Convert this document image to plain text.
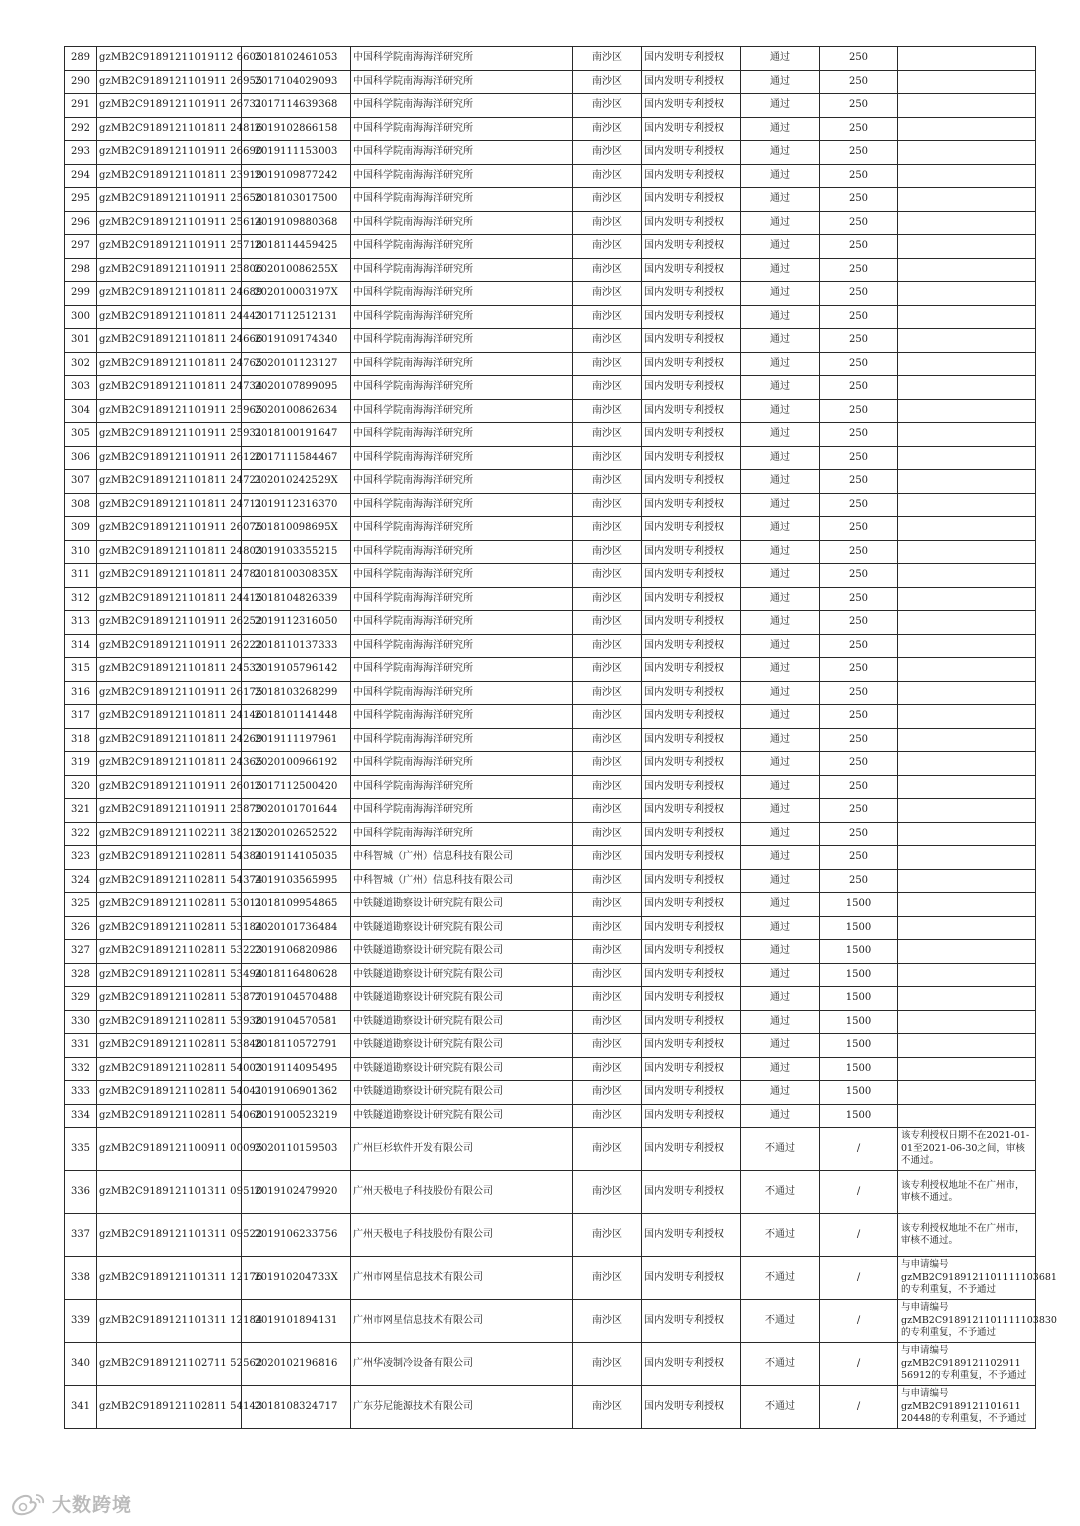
289	gzMB2C91891211019112 6605	2018102461053	中国科学院南海海洋研究所	南沙区	国内发明专利授权	通过	250	
290	gzMB2C9189121101911 26955	2017104029093	中国科学院南海海洋研究所	南沙区	国内发明专利授权	通过	250	
291	gzMB2C9189121101911 26731	2017114639368	中国科学院南海海洋研究所	南沙区	国内发明专利授权	通过	250	
292	gzMB2C9189121101811 24816	2019102866158	中国科学院南海海洋研究所	南沙区	国内发明专利授权	通过	250	
293	gzMB2C9189121101911 26690	2019111153003	中国科学院南海海洋研究所	南沙区	国内发明专利授权	通过	250	
294	gzMB2C9189121101811 23919	2019109877242	中国科学院南海海洋研究所	南沙区	国内发明专利授权	通过	250	
295	gzMB2C9189121101911 25658	2018103017500	中国科学院南海海洋研究所	南沙区	国内发明专利授权	通过	250	
296	gzMB2C9189121101911 25614	2019109880368	中国科学院南海海洋研究所	南沙区	国内发明专利授权	通过	250	
297	gzMB2C9189121101911 25718	2018114459425	中国科学院南海海洋研究所	南沙区	国内发明专利授权	通过	250	
298	gzMB2C9189121101911 25806	202010086255X	中国科学院南海海洋研究所	南沙区	国内发明专利授权	通过	250	
299	gzMB2C9189121101811 24689	202010003197X	中国科学院南海海洋研究所	南沙区	国内发明专利授权	通过	250	
300	gzMB2C9189121101811 24443	2017112512131	中国科学院南海海洋研究所	南沙区	国内发明专利授权	通过	250	
301	gzMB2C9189121101811 24666	2019109174340	中国科学院南海海洋研究所	南沙区	国内发明专利授权	通过	250	
302	gzMB2C9189121101811 24765	2020101123127	中国科学院南海海洋研究所	南沙区	国内发明专利授权	通过	250	
303	gzMB2C9189121101811 24734	2020107899095	中国科学院南海海洋研究所	南沙区	国内发明专利授权	通过	250	
304	gzMB2C9189121101911 25965	2020100862634	中国科学院南海海洋研究所	南沙区	国内发明专利授权	通过	250	
305	gzMB2C9189121101911 25931	2018100191647	中国科学院南海海洋研究所	南沙区	国内发明专利授权	通过	250	
306	gzMB2C9189121101911 26120	2017111584467	中国科学院南海海洋研究所	南沙区	国内发明专利授权	通过	250	
307	gzMB2C9189121101811 24721	202010242529X	中国科学院南海海洋研究所	南沙区	国内发明专利授权	通过	250	
308	gzMB2C9189121101811 24711	2019112316370	中国科学院南海海洋研究所	南沙区	国内发明专利授权	通过	250	
309	gzMB2C9189121101911 26075	201810098695X	中国科学院南海海洋研究所	南沙区	国内发明专利授权	通过	250	
310	gzMB2C9189121101811 24803	2019103355215	中国科学院南海海洋研究所	南沙区	国内发明专利授权	通过	250	
311	gzMB2C9189121101811 24781	201810030835X	中国科学院南海海洋研究所	南沙区	国内发明专利授权	通过	250	
312	gzMB2C9189121101811 24415	2018104826339	中国科学院南海海洋研究所	南沙区	国内发明专利授权	通过	250	
313	gzMB2C9189121101911 26252	2019112316050	中国科学院南海海洋研究所	南沙区	国内发明专利授权	通过	250	
314	gzMB2C9189121101911 26222	2018110137333	中国科学院南海海洋研究所	南沙区	国内发明专利授权	通过	250	
315	gzMB2C9189121101811 24533	2019105796142	中国科学院南海海洋研究所	南沙区	国内发明专利授权	通过	250	
316	gzMB2C9189121101911 26175	2018103268299	中国科学院南海海洋研究所	南沙区	国内发明专利授权	通过	250	
317	gzMB2C9189121101811 24146	2018101141448	中国科学院南海海洋研究所	南沙区	国内发明专利授权	通过	250	
318	gzMB2C9189121101811 24269	2019111197961	中国科学院南海海洋研究所	南沙区	国内发明专利授权	通过	250	
319	gzMB2C9189121101811 24365	2020100966192	中国科学院南海海洋研究所	南沙区	国内发明专利授权	通过	250	
320	gzMB2C9189121101911 26015	2017112500420	中国科学院南海海洋研究所	南沙区	国内发明专利授权	通过	250	
321	gzMB2C9189121101911 25879	2020101701644	中国科学院南海海洋研究所	南沙区	国内发明专利授权	通过	250	
322	gzMB2C9189121102211 38215	2020102652522	中国科学院南海海洋研究所	南沙区	国内发明专利授权	通过	250	
323	gzMB2C9189121102811 54384	2019114105035	中科智城（广州）信息科技有限公司	南沙区	国内发明专利授权	通过	250	
324	gzMB2C9189121102811 54374	2019103565995	中科智城（广州）信息科技有限公司	南沙区	国内发明专利授权	通过	250	
325	gzMB2C9189121102811 53011	2018109954865	中铁隧道勘察设计研究院有限公司	南沙区	国内发明专利授权	通过	1500	
326	gzMB2C9189121102811 53184	2020101736484	中铁隧道勘察设计研究院有限公司	南沙区	国内发明专利授权	通过	1500	
327	gzMB2C9189121102811 53223	2019106820986	中铁隧道勘察设计研究院有限公司	南沙区	国内发明专利授权	通过	1500	
328	gzMB2C9189121102811 53494	2018116480628	中铁隧道勘察设计研究院有限公司	南沙区	国内发明专利授权	通过	1500	
329	gzMB2C9189121102811 53877	2019104570488	中铁隧道勘察设计研究院有限公司	南沙区	国内发明专利授权	通过	1500	
330	gzMB2C9189121102811 53938	2019104570581	中铁隧道勘察设计研究院有限公司	南沙区	国内发明专利授权	通过	1500	
331	gzMB2C9189121102811 53848	2018110572791	中铁隧道勘察设计研究院有限公司	南沙区	国内发明专利授权	通过	1500	
332	gzMB2C9189121102811 54003	2019114095495	中铁隧道勘察设计研究院有限公司	南沙区	国内发明专利授权	通过	1500	
333	gzMB2C9189121102811 54041	2019106901362	中铁隧道勘察设计研究院有限公司	南沙区	国内发明专利授权	通过	1500	
334	gzMB2C9189121102811 54068	2019100523219	中铁隧道勘察设计研究院有限公司	南沙区	国内发明专利授权	通过	1500	
335	gzMB2C9189121100911 00095	2020110159503	广州巨杉软件开发有限公司	南沙区	国内发明专利授权	不通过	/	该专利授权日期不在2021-01-01至2021-06-30之间，审核不通过。
336	gzMB2C9189121101311 09510	2019102479920	广州天极电子科技股份有限公司	南沙区	国内发明专利授权	不通过	/	该专利授权地址不在广州市，审核不通过。
337	gzMB2C9189121101311 09522	2019106233756	广州天极电子科技股份有限公司	南沙区	国内发明专利授权	不通过	/	该专利授权地址不在广州市，审核不通过。
338	gzMB2C9189121101311 12176	201910204733X	广州市网星信息技术有限公司	南沙区	国内发明专利授权	不通过	/	与申请编号gzMB2C9189121101111103681的专利重复，不予通过
339	gzMB2C9189121101311 12184	2019101894131	广州市网星信息技术有限公司	南沙区	国内发明专利授权	不通过	/	与申请编号gzMB2C9189121101111103830的专利重复，不予通过
340	gzMB2C9189121102711 52562	2020102196816	广州华凌制冷设备有限公司	南沙区	国内发明专利授权	不通过	/	与申请编号gzMB2C9189121102911 56912的专利重复，不予通过
341	gzMB2C9189121102811 54143	2018108324717	广东芬尼能源技术有限公司	南沙区	国内发明专利授权	不通过	/	与申请编号gzMB2C9189121101611 20448的专利重复，不予通过
大数跨境
